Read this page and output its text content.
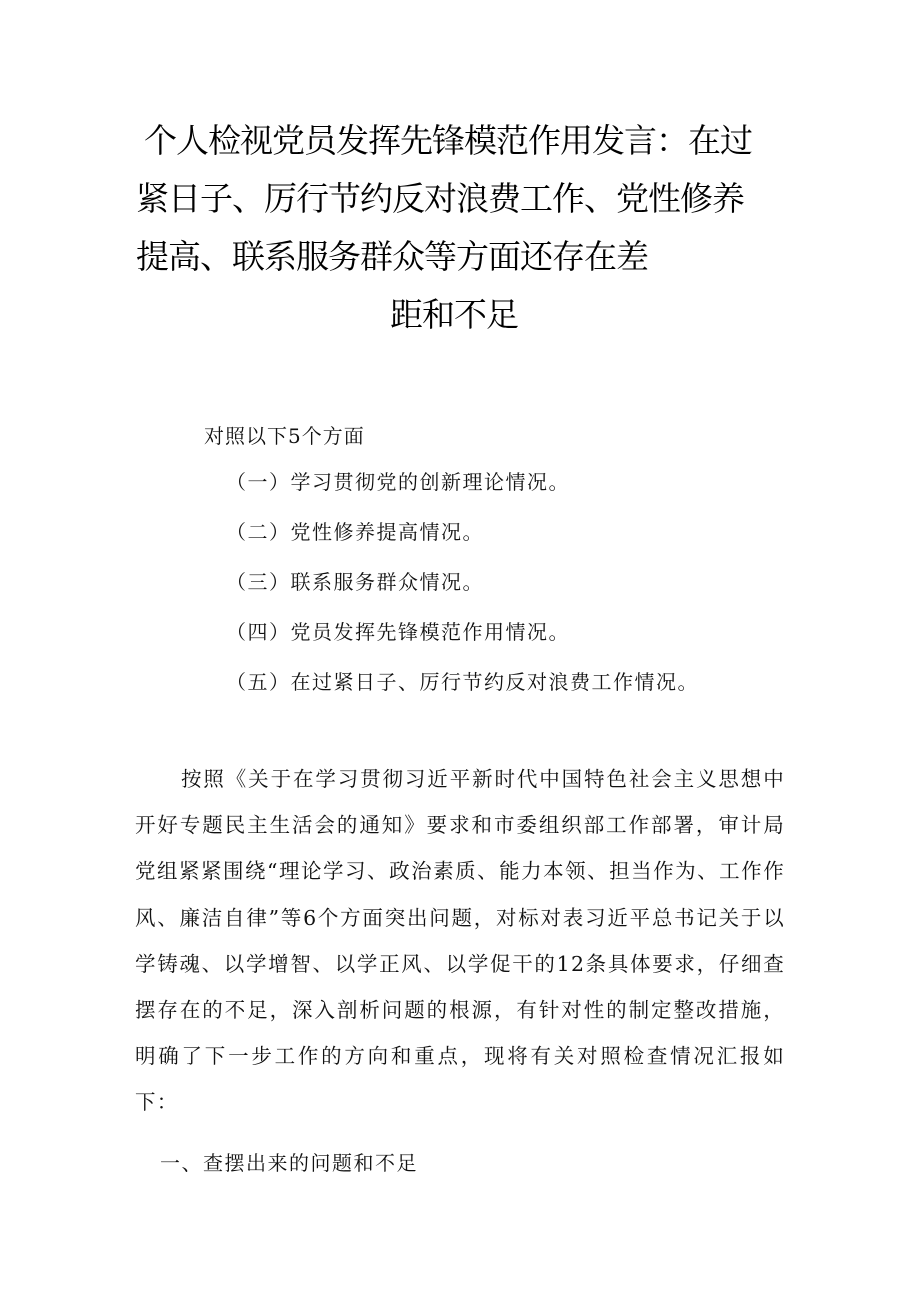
个人检视党员发挥先锋模范作用发言：在过
紧日子、厉行节约反对浪费工作、党性修养
提高、联系服务群众等方面还存在差
距和不足
对照以下5个方面
（一）学习贯彻党的创新理论情况。
（二）党性修养提高情况。
（三）联系服务群众情况。
（四）党员发挥先锋模范作用情况。
（五）在过紧日子、厉行节约反对浪费工作情况。

按照《关于在学习贯彻习近平新时代中国特色社会主义思想中开好专题民主生活会的通知》要求和市委组织部工作部署，审计局党组紧紧围绕“理论学习、政治素质、能力本领、担当作为、工作作风、廉洁自律”等6个方面突出问题，对标对表习近平总书记关于以学铸魂、以学增智、以学正风、以学促干的12条具体要求，仔细查摆存在的不足，深入剖析问题的根源，有针对性的制定整改措施，明确了下一步工作的方向和重点，现将有关对照检查情况汇报如下：

一、查摆出来的问题和不足
